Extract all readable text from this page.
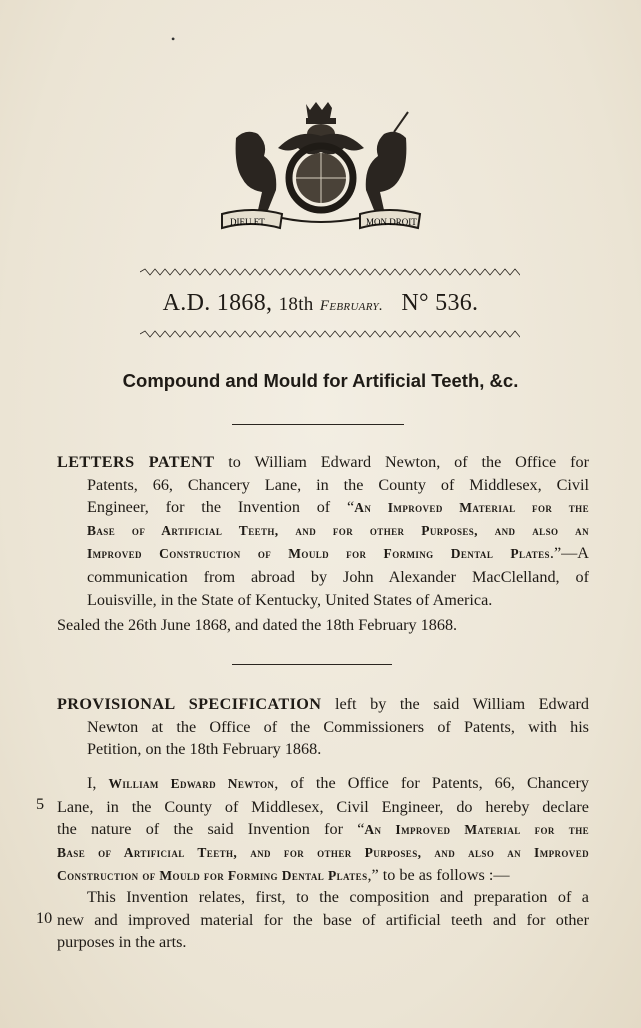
•
DIEU ET	MON DROIT
A.D. 1868, 18th February. N° 536.
Compound and Mould for Artificial Teeth, &c.
LETTERS PATENT to William Edward Newton, of the Office for
Patents, 66, Chancery Lane, in the County of Middlesex, Civil
Engineer, for the Invention of “An Improved Material for the
Base of Artificial Teeth, and for other Purposes, and also an
Improved Construction of Mould for Forming Dental Plates.”—A
communication from abroad by John Alexander MacClelland, of
Louisville, in the State of Kentucky, United States of America.
Sealed the 26th June 1868, and dated the 18th February 1868.
PROVISIONAL SPECIFICATION left by the said William Edward
Newton at the Office of the Commissioners of Patents, with his
Petition, on the 18th February 1868.
5
I, William Edward Newton, of the Office for Patents, 66, Chancery
Lane, in the County of Middlesex, Civil Engineer, do hereby declare
the nature of the said Invention for “An Improved Material for the
Base of Artificial Teeth, and for other Purposes, and also an Improved
Construction of Mould for Forming Dental Plates,” to be as follows :—
10
This Invention relates, first, to the composition and preparation of a
new and improved material for the base of artificial teeth and for other
purposes in the arts.
